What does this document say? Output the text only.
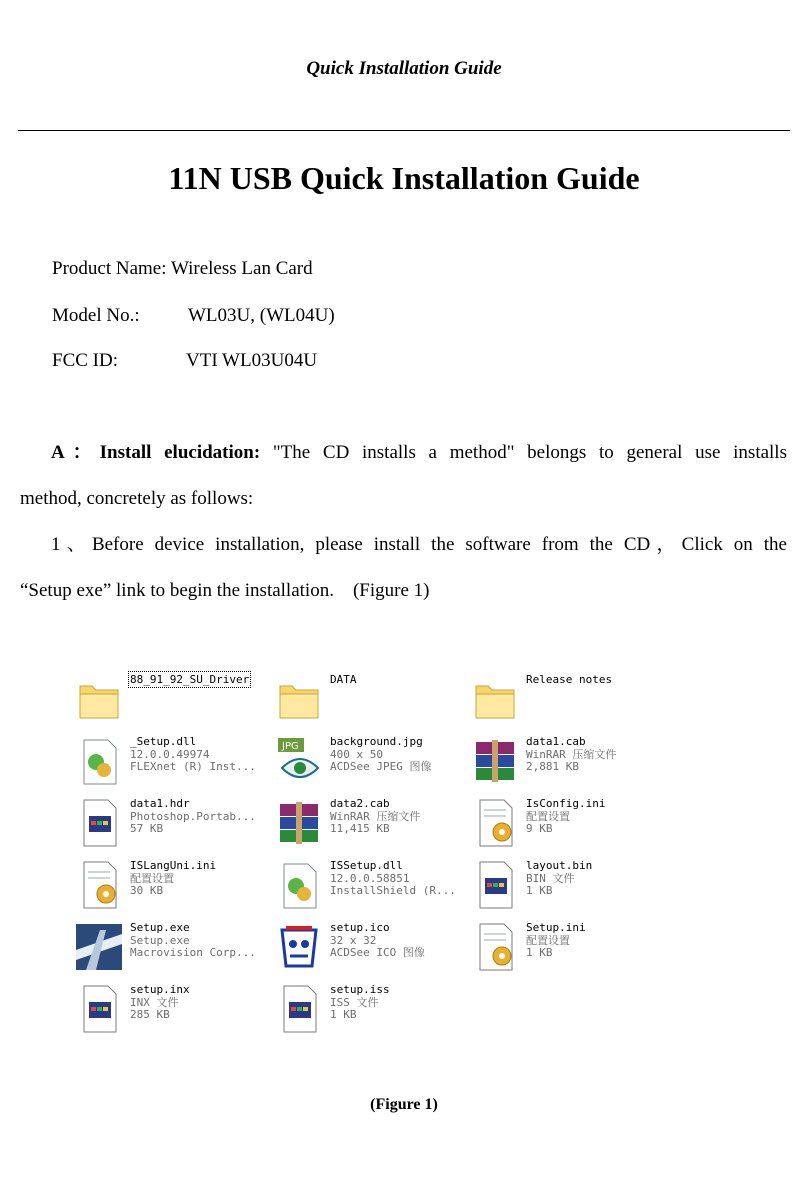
Quick Installation Guide
11N USB Quick Installation Guide
Product Name: Wireless Lan Card
Model No.:	WL03U, (WL04U)
FCC ID:	VTI WL03U04U
A：Install elucidation: "The CD installs a method" belongs to general use installs
method, concretely as follows:
1、Before device installation, please install the software from the CD，Click on the
“Setup exe” link to begin the installation.    (Figure 1)
88_91_92_SU_Driver	DATA	Release notes
_Setup.dll
12.0.0.49974
FLEXnet (R) Inst...
JPG	background.jpg
400 x 50
ACDSee JPEG 图像
data1.cab
WinRAR 压缩文件
2,881 KB
data1.hdr
Photoshop.Portab...
57 KB
data2.cab
WinRAR 压缩文件
11,415 KB
IsConfig.ini
配置设置
9 KB
ISLangUni.ini
配置设置
30 KB
ISSetup.dll
12.0.0.58851
InstallShield (R...
layout.bin
BIN 文件
1 KB
Setup.exe
Setup.exe
Macrovision Corp...
setup.ico
32 x 32
ACDSee ICO 图像
Setup.ini
配置设置
1 KB
setup.inx
INX 文件
285 KB
setup.iss
ISS 文件
1 KB
(Figure 1)
